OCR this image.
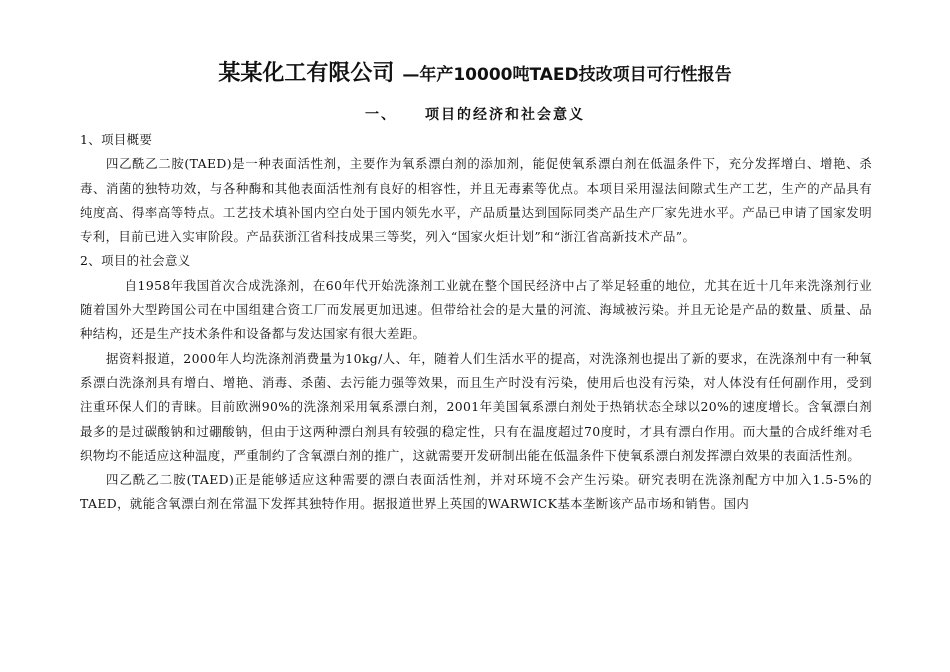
某某化工有限公司 —年产10000吨TAED技改项目可行性报告
一、 项目的经济和社会意义

1、项目概要

四乙酰乙二胺(TAED)是一种表面活性剂，主要作为氧系漂白剂的添加剂，能促使氧系漂白剂在低温条件下，充分发挥增白、增艳、杀毒、消菌的独特功效，与各种酶和其他表面活性剂有良好的相容性，并且无毒素等优点。本项目采用湿法间隙式生产工艺，生产的产品具有纯度高、得率高等特点。工艺技术填补国内空白处于国内领先水平，产品质量达到国际同类产品生产厂家先进水平。产品已申请了国家发明专利，目前已进入实审阶段。产品获浙江省科技成果三等奖，列入“国家火炬计划”和“浙江省高新技术产品”。

2、项目的社会意义

自1958年我国首次合成洗涤剂，在60年代开始洗涤剂工业就在整个国民经济中占了举足轻重的地位，尤其在近十几年来洗涤剂行业随着国外大型跨国公司在中国组建合资工厂而发展更加迅速。但带给社会的是大量的河流、海域被污染。并且无论是产品的数量、质量、品种结构，还是生产技术条件和设备都与发达国家有很大差距。

据资料报道，2000年人均洗涤剂消费量为10kg/人、年，随着人们生活水平的提高，对洗涤剂也提出了新的要求，在洗涤剂中有一种氧系漂白洗涤剂具有增白、增艳、消毒、杀菌、去污能力强等效果，而且生产时没有污染，使用后也没有污染，对人体没有任何副作用，受到注重环保人们的青睐。目前欧洲90%的洗涤剂采用氧系漂白剂，2001年美国氧系漂白剂处于热销状态全球以20%的速度增长。含氧漂白剂最多的是过碳酸钠和过硼酸钠，但由于这两种漂白剂具有较强的稳定性，只有在温度超过70度时，才具有漂白作用。而大量的合成纤维对毛织物均不能适应这种温度，严重制约了含氧漂白剂的推广，这就需要开发研制出能在低温条件下使氧系漂白剂发挥漂白效果的表面活性剂。

四乙酰乙二胺(TAED)正是能够适应这种需要的漂白表面活性剂，并对环境不会产生污染。研究表明在洗涤剂配方中加入1.5-5%的TAED，就能含氧漂白剂在常温下发挥其独特作用。据报道世界上英国的WARWICK基本垄断该产品市场和销售。国内
